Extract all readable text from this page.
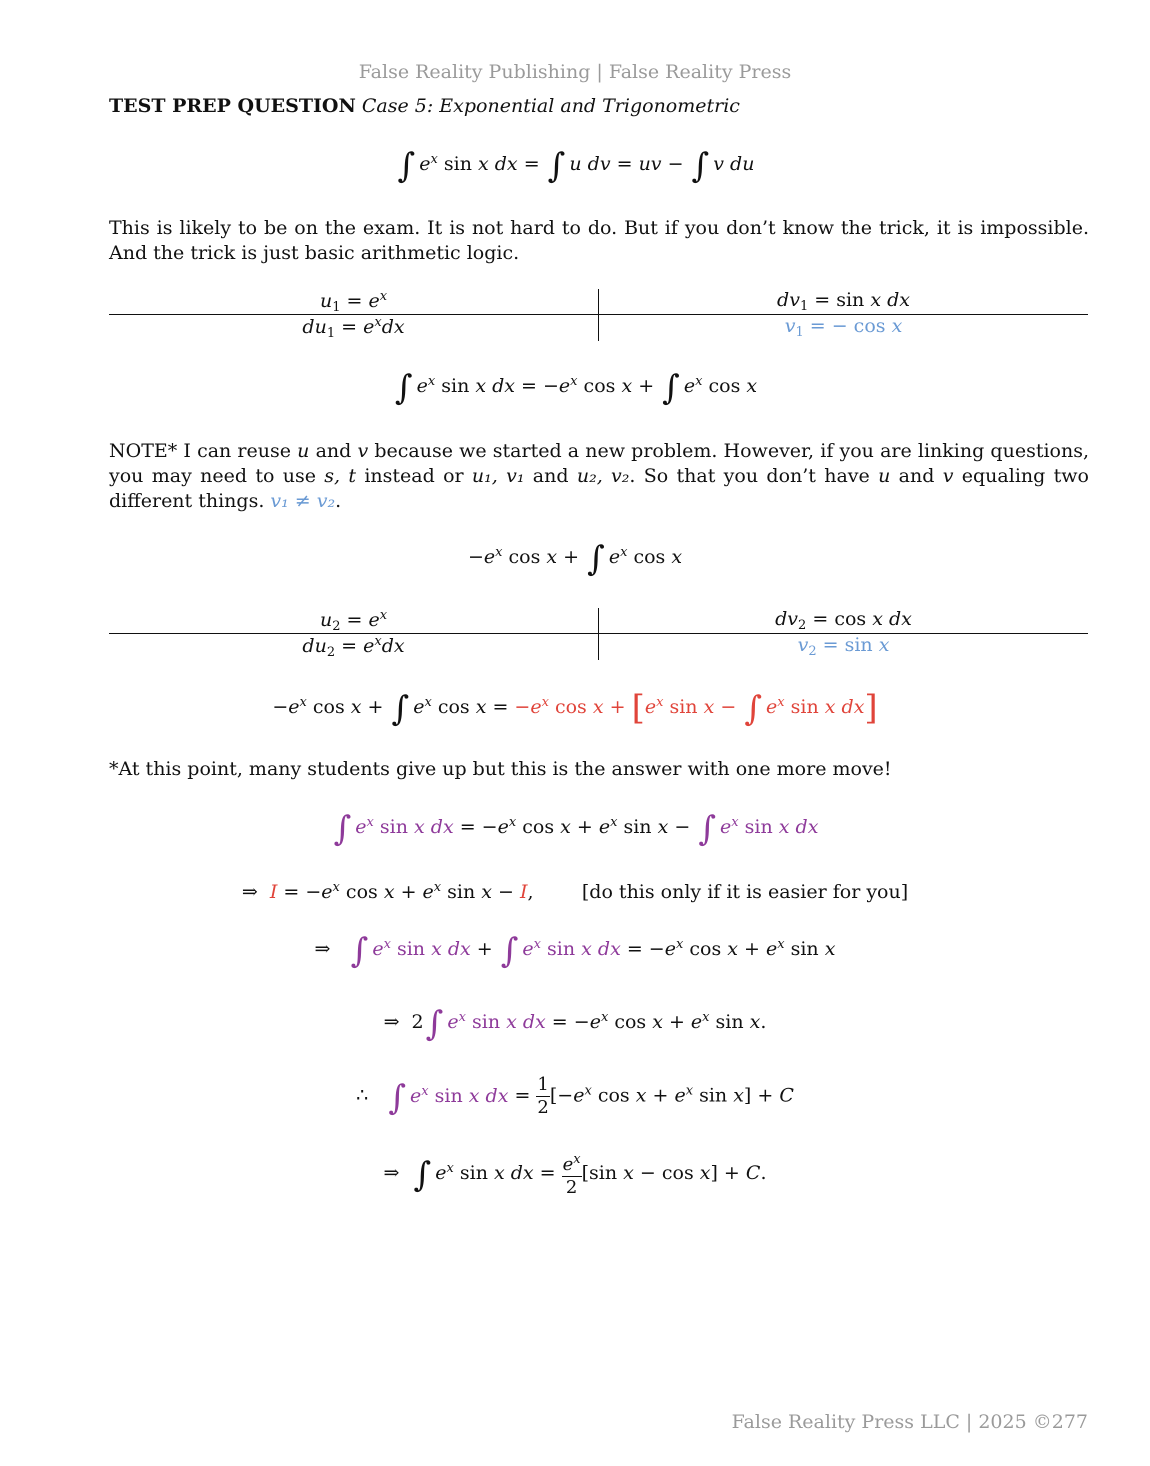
False Reality Publishing | False Reality Press
TEST PREP QUESTION Case 5: Exponential and Trigonometric
∫ $e^x$ sin x dx = ∫ u dv = uv − ∫ v du
This is likely to be on the exam. It is not hard to do. But if you don’t know the trick, it is impossible. And the trick is just basic arithmetic logic.
$u_1 = e^x$
$du_1 = e^xdx$
$dv_1 = \sin x$ dx
$v_1$ = − cos x
∫ $e^x$ sin x dx = $-e^x$ cos x + ∫ $e^x$ cos x
NOTE* I can reuse u and v because we started a new problem. However, if you are linking questions, you may need to use s, t instead or u₁, v₁ and u₂, v₂. So that you don’t have u and v equaling two different things. v₁ ≠ v₂.
$-e^x$ cos x + ∫ $e^x$ cos x
$u_2 = e^x$
$du_2 = e^xdx$
$dv_2 = \cos x$ dx
$v_2 = \sin x$
$-e^x$ cos x + ∫ $e^x$ $\cos x = -e^x$ $\cos x + [e^x$ sin x − ∫ $e^x$ sin x dx]
*At this point, many students give up but this is the answer with one more move!
∫ $e^x$ sin x dx = $-e^x$ $\cos x + e^x$ sin x − ∫ $e^x$ sin x dx
⇒  $I = -e^x$ $\cos x + e^x$ sin x − I,        [do this only if it is easier for you]
⇒   ∫ $e^x$ sin x dx + ∫ $e^x$ sin x dx = $-e^x$ $\cos x + e^x$ sin x
⇒  2∫ $e^x$ sin x dx = $-e^x$ $\cos x + e^x$ sin x.
∴   ∫ $e^x$ sin x dx = $\frac{1}{2} [-e^x$ $\cos x + e^x$ sin x] + C
⇒  ∫ $e^x$ sin x dx = $\frac{e^x}{2} [\sin$ x − cos x] + C.
False Reality Press LLC | 2025 ©277
